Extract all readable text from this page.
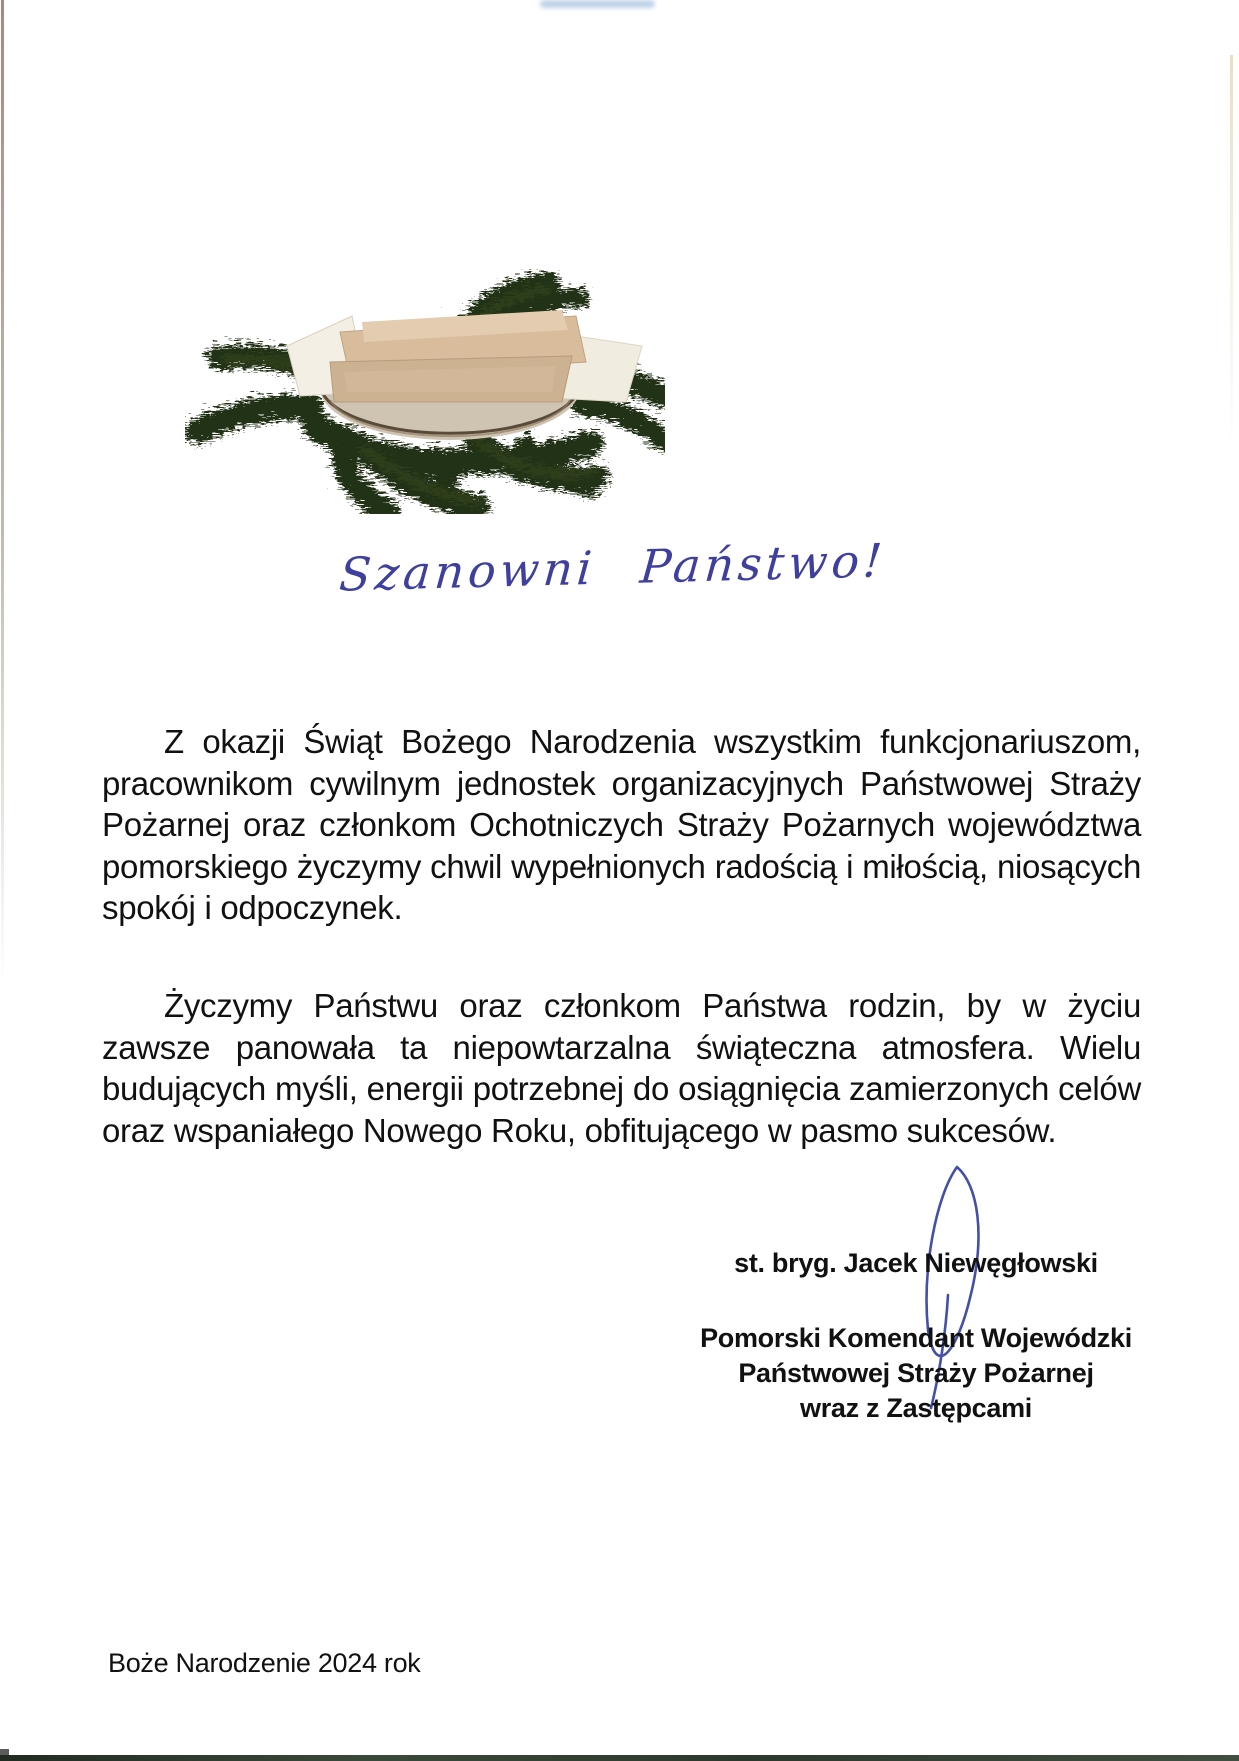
Szanowni Państwo!

Z okazji Świąt Bożego Narodzenia wszystkim funkcjonariuszom, pracownikom cywilnym jednostek organizacyjnych Państwowej Straży Pożarnej oraz członkom Ochotniczych Straży Pożarnych województwa pomorskiego życzymy chwil wypełnionych radością i miłością, niosących spokój i odpoczynek.

Życzymy Państwu oraz członkom Państwa rodzin, by w życiu zawsze panowała ta niepowtarzalna świąteczna atmosfera. Wielu budujących myśli, energii potrzebnej do osiągnięcia zamierzonych celów oraz wspaniałego Nowego Roku, obfitującego w pasmo sukcesów.

st. bryg. Jacek Niewęgłowski
Pomorski Komendant Wojewódzki
Państwowej Straży Pożarnej
wraz z Zastępcami
Boże Narodzenie 2024 rok
